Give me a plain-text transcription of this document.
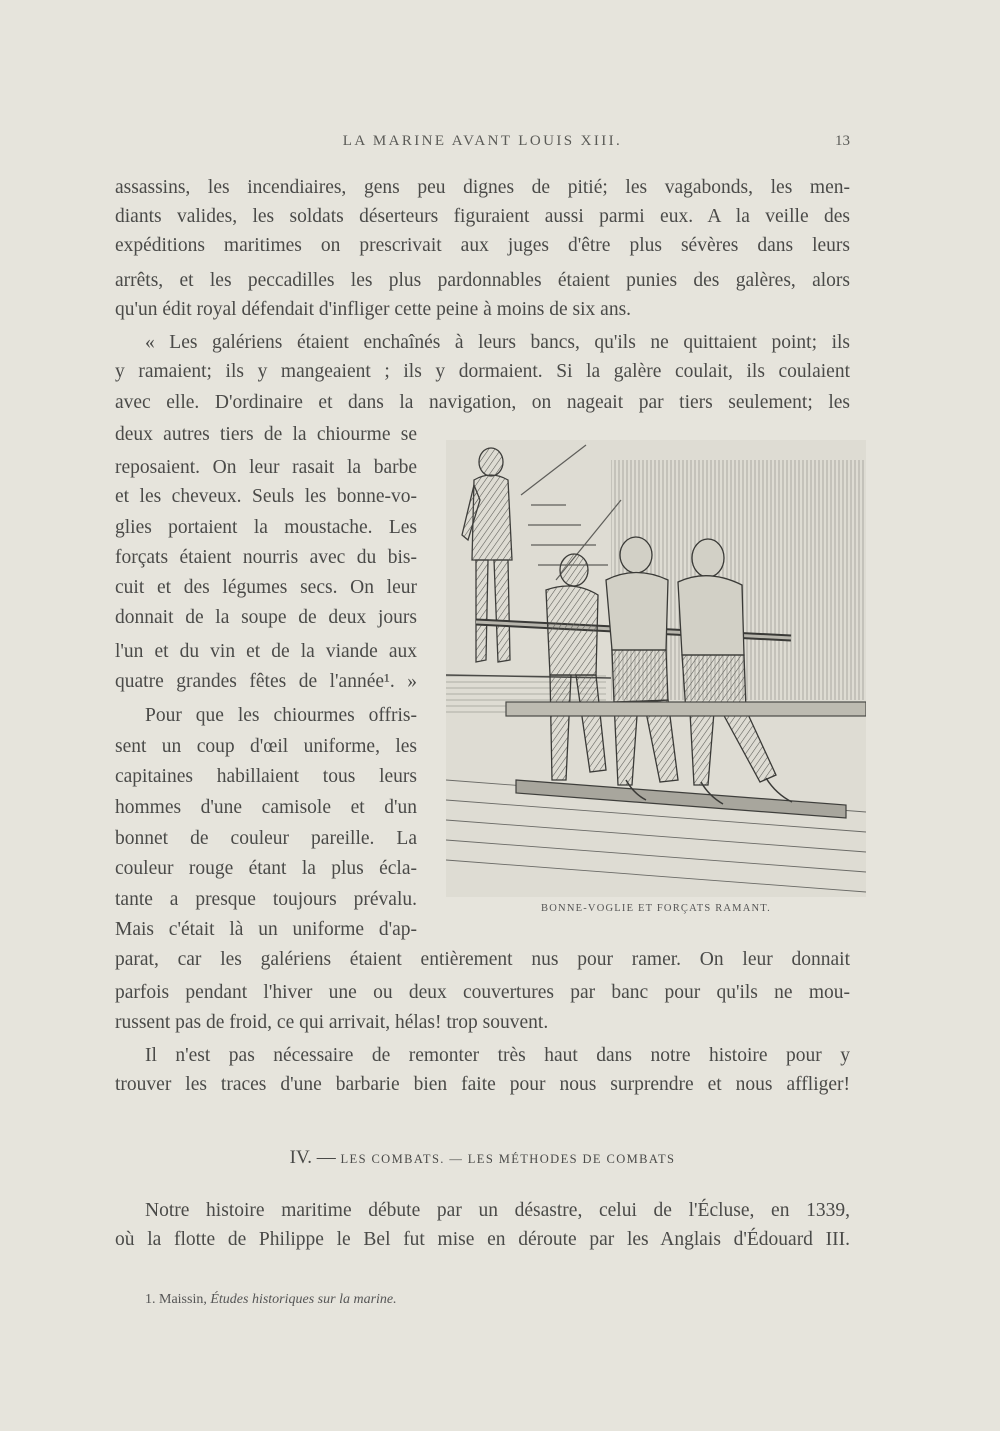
LA MARINE AVANT LOUIS XIII.	13
assassins, les incendiaires, gens peu dignes de pitié; les vagabonds, les men-
diants valides, les soldats déserteurs figuraient aussi parmi eux. A la veille des
expéditions maritimes on prescrivait aux juges d'être plus sévères dans leurs
arrêts, et les peccadilles les plus pardonnables étaient punies des galères, alors
qu'un édit royal défendait d'infliger cette peine à moins de six ans.
« Les galériens étaient enchaînés à leurs bancs, qu'ils ne quittaient point; ils
y ramaient; ils y mangeaient ; ils y dormaient. Si la galère coulait, ils coulaient
avec elle. D'ordinaire et dans la navigation, on nageait par tiers seulement; les
deux autres tiers de la chiourme se
reposaient. On leur rasait la barbe
et les cheveux. Seuls les bonne-vo-
glies portaient la moustache. Les
forçats étaient nourris avec du bis-
cuit et des légumes secs. On leur
donnait de la soupe de deux jours
l'un et du vin et de la viande aux
quatre grandes fêtes de l'année¹. »
Pour que les chiourmes offris-
sent un coup d'œil uniforme, les
capitaines habillaient tous leurs
hommes d'une camisole et d'un
bonnet de couleur pareille. La
couleur rouge étant la plus écla-
tante a presque toujours prévalu.
Mais c'était là un uniforme d'ap-
parat, car les galériens étaient entièrement nus pour ramer. On leur donnait
parfois pendant l'hiver une ou deux couvertures par banc pour qu'ils ne mou-
russent pas de froid, ce qui arrivait, hélas! trop souvent.
Il n'est pas nécessaire de remonter très haut dans notre histoire pour y
trouver les traces d'une barbarie bien faite pour nous surprendre et nous affliger!
BONNE-VOGLIE ET FORÇATS RAMANT.
IV. — LES COMBATS. — LES MÉTHODES DE COMBATS
Notre histoire maritime débute par un désastre, celui de l'Écluse, en 1339,
où la flotte de Philippe le Bel fut mise en déroute par les Anglais d'Édouard III.
1. Maissin, Études historiques sur la marine.
